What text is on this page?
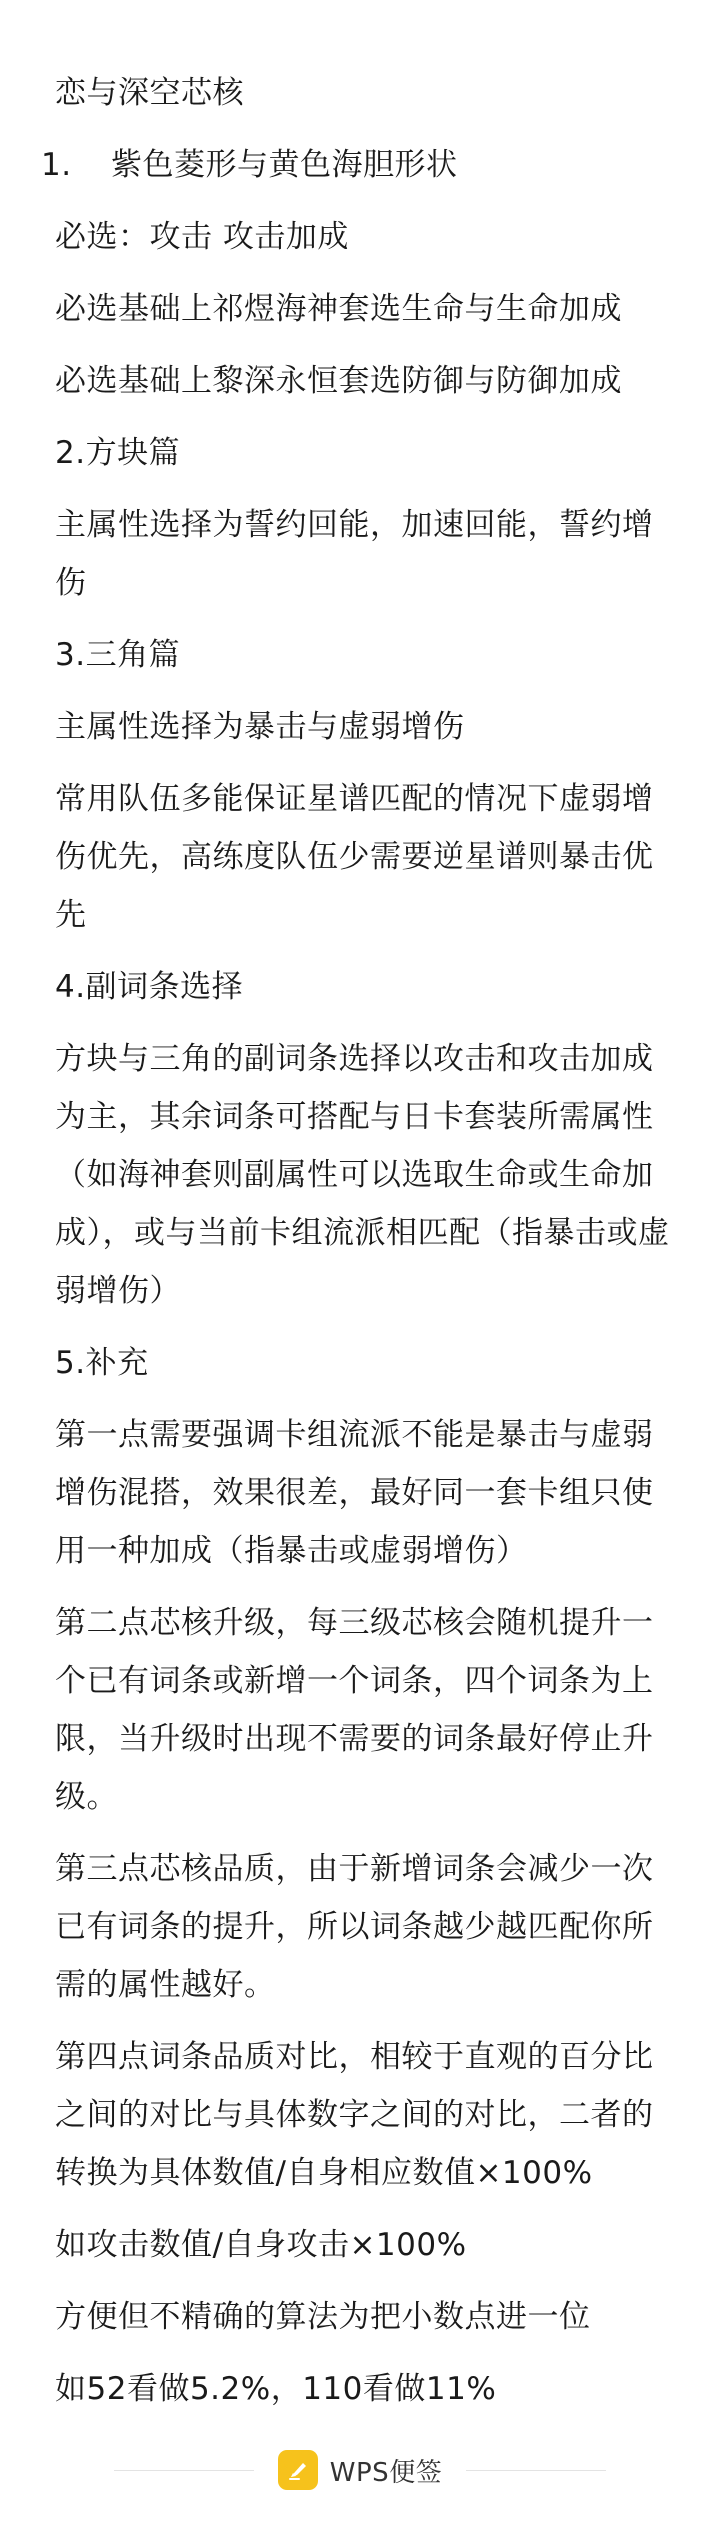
恋与深空芯核

1.	紫色菱形与黄色海胆形状

必选：攻击 攻击加成

必选基础上祁煜海神套选生命与生命加成

必选基础上黎深永恒套选防御与防御加成

2.方块篇

主属性选择为誓约回能，加速回能，誓约增伤

3.三角篇

主属性选择为暴击与虚弱增伤

常用队伍多能保证星谱匹配的情况下虚弱增伤优先，高练度队伍少需要逆星谱则暴击优先

4.副词条选择

方块与三角的副词条选择以攻击和攻击加成为主，其余词条可搭配与日卡套装所需属性（如海神套则副属性可以选取生命或生命加成），或与当前卡组流派相匹配（指暴击或虚弱增伤）

5.补充

第一点需要强调卡组流派不能是暴击与虚弱增伤混搭，效果很差，最好同一套卡组只使用一种加成（指暴击或虚弱增伤）

第二点芯核升级，每三级芯核会随机提升一个已有词条或新增一个词条，四个词条为上限，当升级时出现不需要的词条最好停止升级。

第三点芯核品质，由于新增词条会减少一次已有词条的提升，所以词条越少越匹配你所需的属性越好。

第四点词条品质对比，相较于直观的百分比之间的对比与具体数字之间的对比，二者的转换为具体数值/自身相应数值×100%

如攻击数值/自身攻击×100%

方便但不精确的算法为把小数点进一位

如52看做5.2%，110看做11%

WPS便签
